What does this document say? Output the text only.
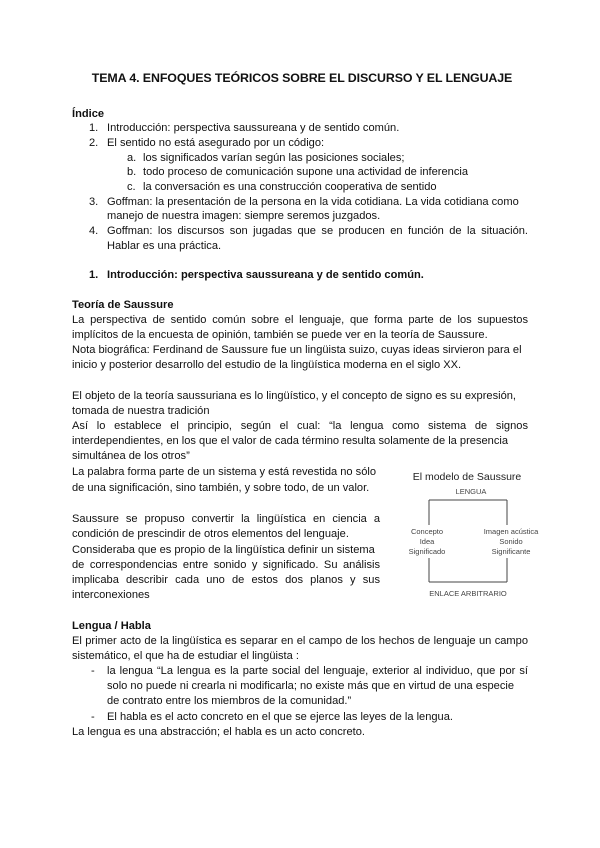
TEMA 4. ENFOQUES TEÓRICOS SOBRE EL DISCURSO Y EL LENGUAJE
Índice
1. Introducción: perspectiva saussureana y de sentido común.
2. El sentido no está asegurado por un código:
a. los significados varían según las posiciones sociales;
b. todo proceso de comunicación supone una actividad de inferencia
c. la conversación es una construcción cooperativa de sentido
3. Goffman: la presentación de la persona en la vida cotidiana. La vida cotidiana como
manejo de nuestra imagen: siempre seremos juzgados.
4. Goffman: los discursos son jugadas que se producen en función de la situación.
Hablar es una práctica.
1. Introducción: perspectiva saussureana y de sentido común.
Teoría de Saussure
La perspectiva de sentido común sobre el lenguaje, que forma parte de los supuestos
implícitos de la encuesta de opinión, también se puede ver en la teoría de Saussure.
Nota biográfica: Ferdinand de Saussure fue un lingüista suizo, cuyas ideas sirvieron para el
inicio y posterior desarrollo del estudio de la lingüística moderna en el siglo XX.
El objeto de la teoría saussuriana es lo lingüístico, y el concepto de signo es su expresión,
tomada de nuestra tradición
Así lo establece el principio, según el cual: “la lengua como sistema de signos
interdependientes, en los que el valor de cada término resulta solamente de la presencia
simultánea de los otros”
La palabra forma parte de un sistema y está revestida no sólo
de una significación, sino también, y sobre todo, de un valor.
Saussure se propuso convertir la lingüística en ciencia a
condición de prescindir de otros elementos del lenguaje.
Consideraba que es propio de la lingüística definir un sistema
de correspondencias entre sonido y significado. Su análisis
implicaba describir cada uno de estos dos planos y sus
interconexiones
El modelo de Saussure
LENGUA
Concepto
Idea
Significado
Imagen acústica
Sonido
Significante
ENLACE ARBITRARIO
Lengua / Habla
El primer acto de la lingüística es separar en el campo de los hechos de lenguaje un campo
sistemático, el que ha de estudiar el lingüista :
- la lengua “La lengua es la parte social del lenguaje, exterior al individuo, que por sí
solo no puede ni crearla ni modificarla; no existe más que en virtud de una especie
de contrato entre los miembros de la comunidad.”
- El habla es el acto concreto en el que se ejerce las leyes de la lengua.
La lengua es una abstracción; el habla es un acto concreto.
